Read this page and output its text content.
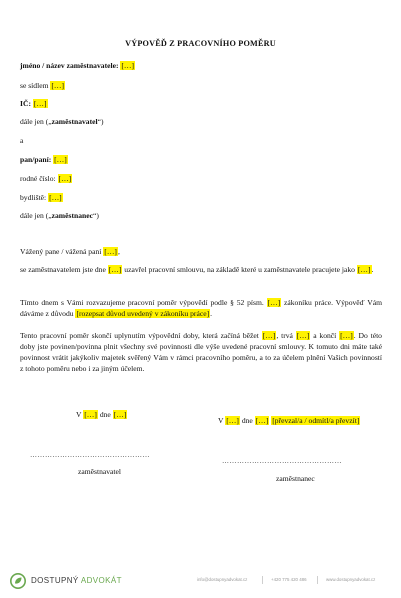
VÝPOVĚĎ Z PRACOVNÍHO POMĚRU
jméno / název zaměstnavatele: […]
se sídlem […]
IČ: […]
dále jen („zaměstnavatel“)
a
pan/paní: […]
rodné číslo: […]
bydliště: […]
dále jen („zaměstnanec“)
Vážený pane / vážená paní […],
se zaměstnavatelem jste dne […] uzavřel pracovní smlouvu, na základě které u zaměstnavatele pracujete jako […].
Tímto dnem s Vámi rozvazujeme pracovní poměr výpovědí podle § 52 písm. […] zákoníku práce. Výpověď Vám dáváme z důvodu [rozepsat důvod uvedený v zákoníku práce].
Tento pracovní poměr skončí uplynutím výpovědní doby, která začíná běžet […], trvá […] a končí […]. Do této doby jste povinen/povinna plnit všechny své povinnosti dle výše uvedené pracovní smlouvy. K tomuto dni máte také povinnost vrátit jakýkoliv majetek svěřený Vám v rámci pracovního poměru, a to za účelem plnění Vašich povinností z tohoto poměru nebo i za jiným účelem.
V […] dne […]
…………………………………………
zaměstnavatel
V […] dne […] [převzal/a / odmítl/a převzít]
…………………………………………
zaměstnanec
DOSTUPNÝ ADVOKÁT	info@dostupnyadvokat.cz	+420 775 420 486	www.dostupnyadvokat.cz
